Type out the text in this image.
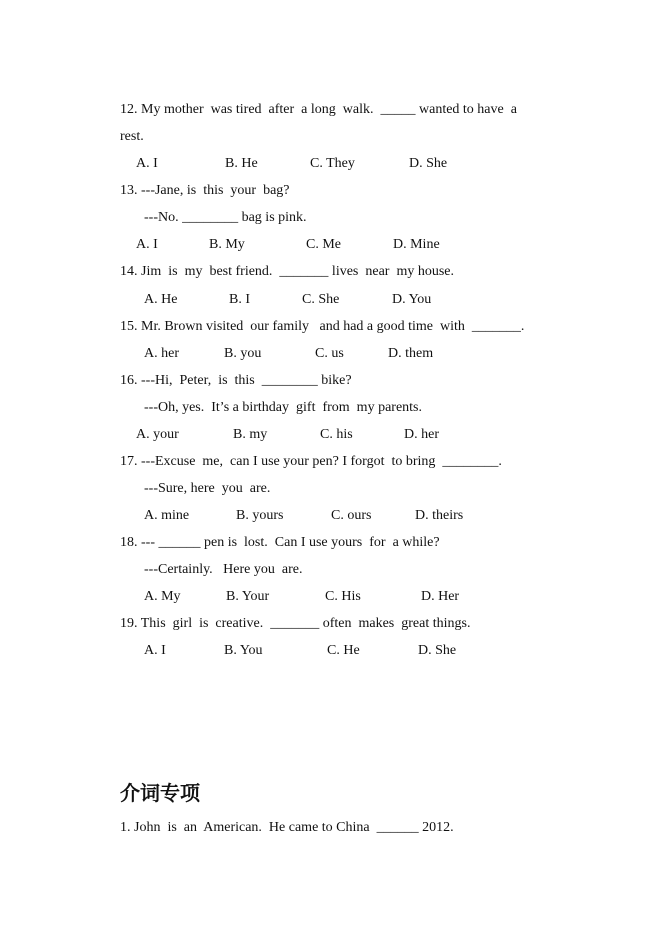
12. My mother  was tired  after  a long  walk.  _____ wanted to have  a
rest.
A. I	B. He	C. They	D. She
13. ---Jane, is  this  your  bag?
---No. ________ bag is pink.
A. I	B. My	C. Me	D. Mine
14. Jim  is  my  best friend.  _______ lives  near  my house.
A. He	B. I	C. She	D. You
15. Mr. Brown visited  our family   and had a good time  with  _______.
A. her	B. you	C. us	D. them
16. ---Hi,  Peter,  is  this  ________ bike?
---Oh, yes.  It’s a birthday  gift  from  my parents.
A. your	B. my	C. his	D. her
17. ---Excuse  me,  can I use your pen? I forgot  to bring  ________.
---Sure, here  you  are.
A. mine	B. yours	C. ours	D. theirs
18. --- ______ pen is  lost.  Can I use yours  for  a while?
---Certainly.   Here you  are.
A. My	B. Your	C. His	D. Her
19. This  girl  is  creative.  _______ often  makes  great things.
A. I	B. You	C. He	D. She
介词专项
1. John  is  an  American.  He came to China  ______ 2012.
